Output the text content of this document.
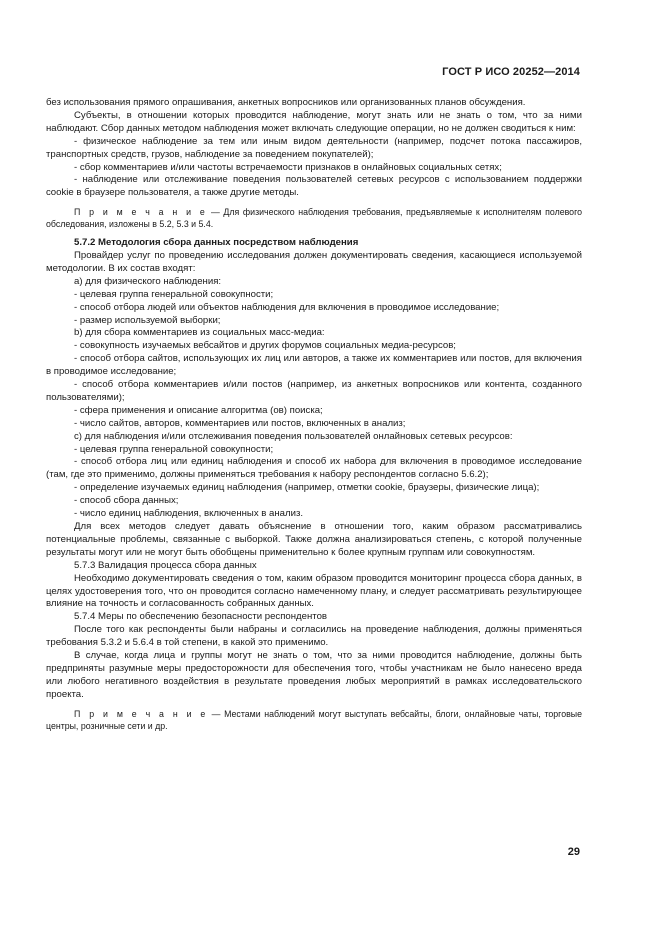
ГОСТ Р ИСО 20252—2014

без использования прямого опрашивания, анкетных вопросников или организованных планов обсуждения.

Субъекты, в отношении которых проводится наблюдение, могут знать или не знать о том, что за ними наблюдают. Сбор данных методом наблюдения может включать следующие операции, но не должен сводиться к ним:

- физическое наблюдение за тем или иным видом деятельности (например, подсчет потока пассажиров, транспортных средств, грузов, наблюдение за поведением покупателей);

- сбор комментариев и/или частоты встречаемости признаков в онлайновых социальных сетях;

- наблюдение или отслеживание поведения пользователей сетевых ресурсов с использованием поддержки cookie в браузере пользователя, а также другие методы.

П р и м е ч а н и е — Для физического наблюдения требования, предъявляемые к исполнителям полевого обследования, изложены в 5.2, 5.3 и 5.4.

5.7.2 Методология сбора данных посредством наблюдения

Провайдер услуг по проведению исследования должен документировать сведения, касающиеся используемой методологии. В их состав входят:

a) для физического наблюдения:

- целевая группа генеральной совокупности;

- способ отбора людей или объектов наблюдения для включения в проводимое исследование;

- размер используемой выборки;

b) для сбора комментариев из социальных масс-медиа:

- совокупность изучаемых вебсайтов и других форумов социальных медиа-ресурсов;

- способ отбора сайтов, использующих их лиц или авторов, а также их комментариев или постов, для включения в проводимое исследование;

- способ отбора комментариев и/или постов (например, из анкетных вопросников или контента, созданного пользователями);

- сфера применения и описание алгоритма (ов) поиска;

- число сайтов, авторов, комментариев или постов, включенных в анализ;

c) для наблюдения и/или отслеживания поведения пользователей онлайновых сетевых ресурсов:

- целевая группа генеральной совокупности;

- способ отбора лиц или единиц наблюдения и способ их набора для включения в проводимое исследование (там, где это применимо, должны применяться требования к набору респондентов согласно 5.6.2);

- определение изучаемых единиц наблюдения (например, отметки cookie, браузеры, физические лица);

- способ сбора данных;

- число единиц наблюдения, включенных в анализ.

Для всех методов следует давать объяснение в отношении того, каким образом рассматривались потенциальные проблемы, связанные с выборкой. Также должна анализироваться степень, с которой полученные результаты могут или не могут быть обобщены применительно к более крупным группам или совокупностям.

5.7.3 Валидация процесса сбора данных

Необходимо документировать сведения о том, каким образом проводится мониторинг процесса сбора данных, в целях удостоверения того, что он проводится согласно намеченному плану, и следует рассматривать результирующее влияние на точность и согласованность собранных данных.

5.7.4 Меры по обеспечению безопасности респондентов

После того как респонденты были набраны и согласились на проведение наблюдения, должны применяться требования 5.3.2 и 5.6.4 в той степени, в какой это применимо.

В случае, когда лица и группы могут не знать о том, что за ними проводится наблюдение, должны быть предприняты разумные меры предосторожности для обеспечения того, чтобы участникам не было нанесено вреда или любого негативного воздействия в результате проведения любых мероприятий в рамках исследовательского проекта.

П р и м е ч а н и е — Местами наблюдений могут выступать вебсайты, блоги, онлайновые чаты, торговые центры, розничные сети и др.

29
